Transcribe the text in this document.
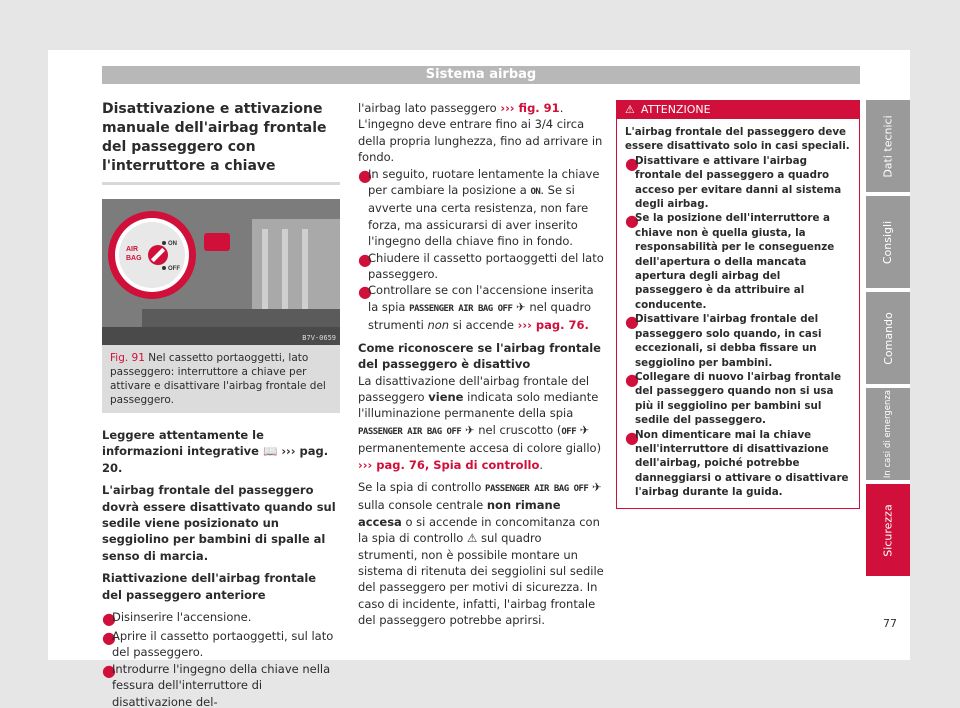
Sistema airbag
Disattivazione e attivazione manuale dell'airbag frontale del passeggero con l'interruttore a chiave
AIR
BAG
ON
OFF
B7V-0659
Fig. 91 Nel cassetto portaoggetti, lato passeggero: interruttore a chiave per attivare e disattivare l'airbag frontale del passeggero.

Leggere attentamente le informazioni integrative 📖 ››› pag. 20.

L'airbag frontale del passeggero dovrà essere disattivato quando sul sedile viene posizionato un seggiolino per bambini di spalle al senso di marcia.

Riattivazione dell'airbag frontale del passeggero anteriore

●

Disinserire l'accensione.

●

Aprire il cassetto portaoggetti, sul lato del passeggero.

●

Introdurre l'ingegno della chiave nella fessura dell'interruttore di disattivazione del-

l'airbag lato passeggero ››› fig. 91. L'ingegno deve entrare fino ai 3/4 circa della propria lunghezza, fino ad arrivare in fondo.

●

In seguito, ruotare lentamente la chiave per cambiare la posizione a ON. Se si avverte una certa resistenza, non fare forza, ma assicurarsi di aver inserito l'ingegno della chiave fino in fondo.

●

Chiudere il cassetto portaoggetti del lato passeggero.

●

Controllare se con l'accensione inserita la spia PASSENGER AIR BAG OFF ✈ nel quadro strumenti non si accende ››› pag. 76.

Come riconoscere se l'airbag frontale del passeggero è disattivo

La disattivazione dell'airbag frontale del passeggero viene indicata solo mediante l'illuminazione permanente della spia PASSENGER AIR BAG OFF ✈ nel cruscotto (OFF ✈ permanentemente accesa di colore giallo) ››› pag. 76, Spia di controllo.

Se la spia di controllo PASSENGER AIR BAG OFF ✈ sulla console centrale non rimane accesa o si accende in concomitanza con la spia di controllo ⚠ sul quadro strumenti, non è possibile montare un sistema di ritenuta dei seggiolini sul sedile del passeggero per motivi di sicurezza. In caso di incidente, infatti, l'airbag frontale del passeggero potrebbe aprirsi.

⚠ ATTENZIONE

L'airbag frontale del passeggero deve essere disattivato solo in casi speciali.

●

Disattivare e attivare l'airbag frontale del passeggero a quadro acceso per evitare danni al sistema degli airbag.

●

Se la posizione dell'interruttore a chiave non è quella giusta, la responsabilità per le conseguenze dell'apertura o della mancata apertura degli airbag del passeggero è da attribuire al conducente.

●

Disattivare l'airbag frontale del passeggero solo quando, in casi eccezionali, si debba fissare un seggiolino per bambini.

●

Collegare di nuovo l'airbag frontale del passeggero quando non si usa più il seggiolino per bambini sul sedile del passeggero.

●

Non dimenticare mai la chiave nell'interruttore di disattivazione dell'airbag, poiché potrebbe danneggiarsi o attivare o disattivare l'airbag durante la guida.

Dati tecnici
Consigli
Comando
In casi di emergenza
Sicurezza
77
